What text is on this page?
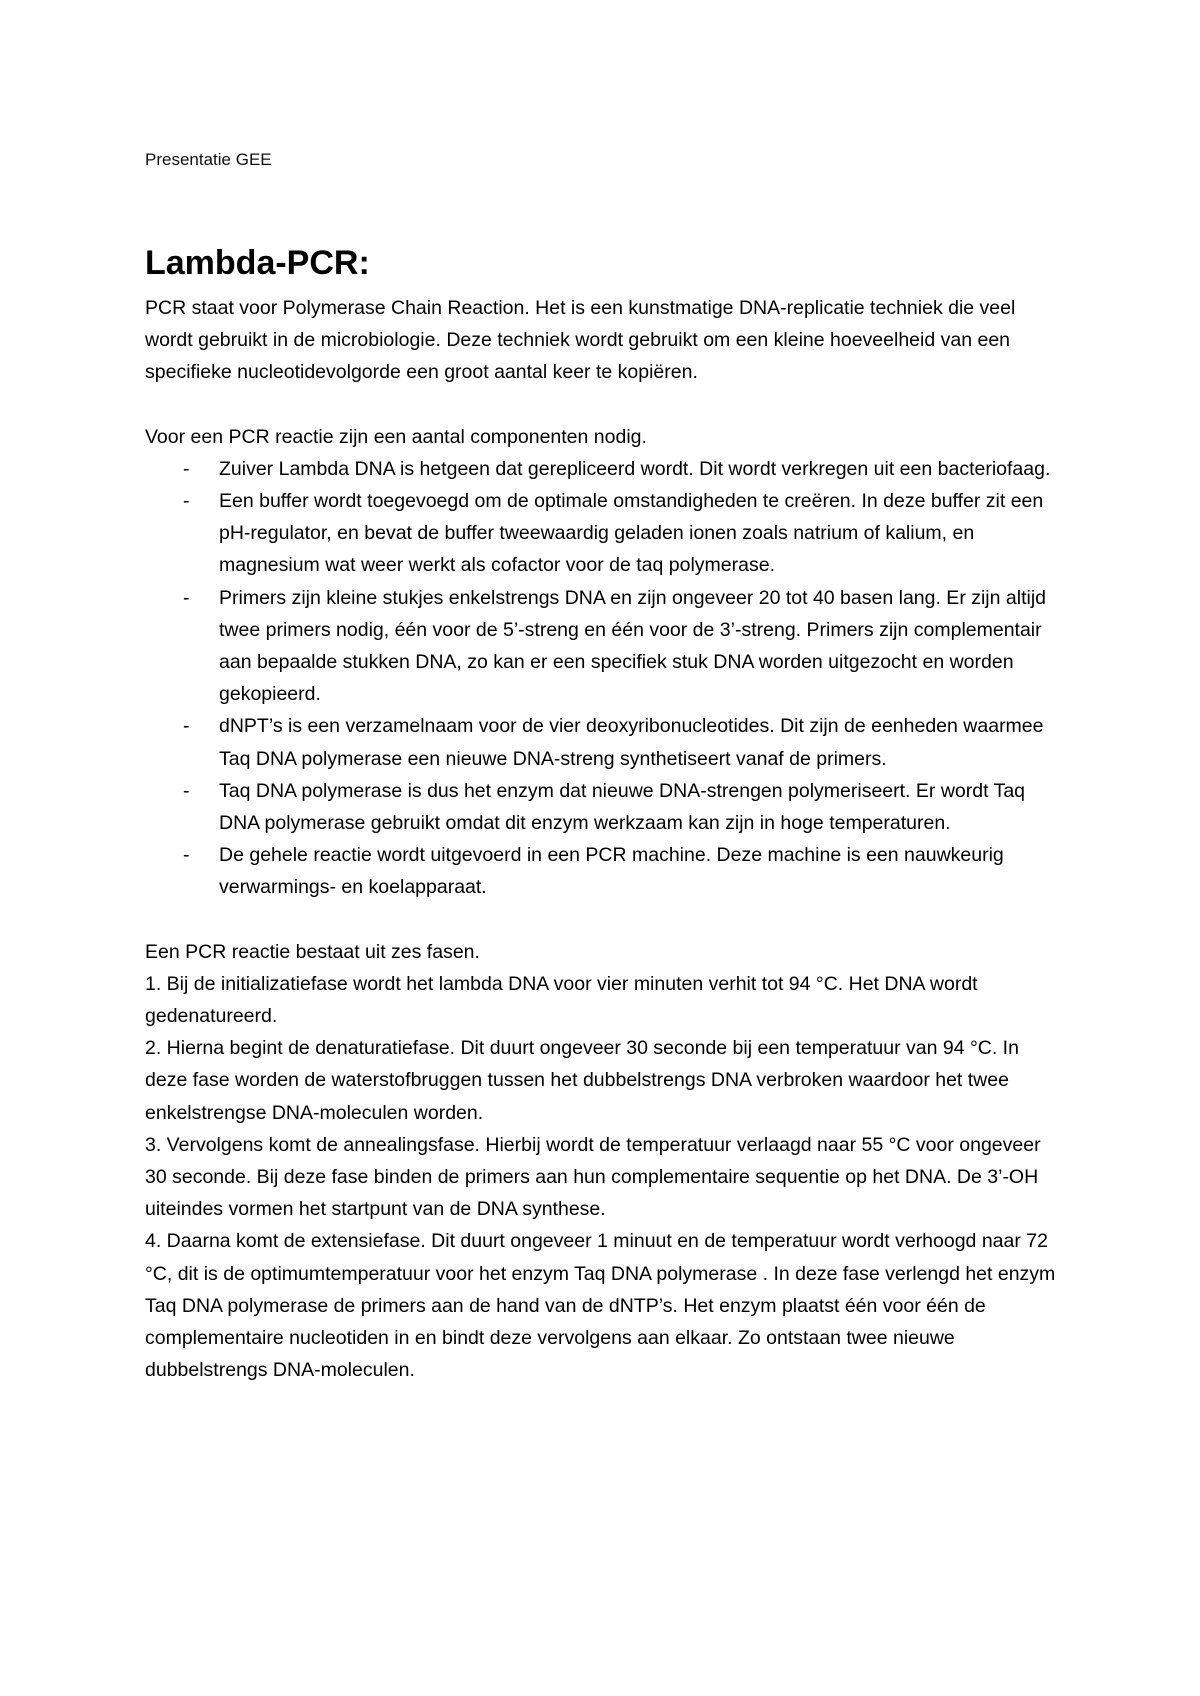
Presentatie GEE
Lambda-PCR:

PCR staat voor Polymerase Chain Reaction. Het is een kunstmatige DNA-replicatie techniek die veel wordt gebruikt in de microbiologie. Deze techniek wordt gebruikt om een kleine hoeveelheid van een specifieke nucleotidevolgorde een groot aantal keer te kopiëren.

Voor een PCR reactie zijn een aantal componenten nodig.

- Zuiver Lambda DNA is hetgeen dat gerepliceerd wordt. Dit wordt verkregen uit een bacteriofaag.
- Een buffer wordt toegevoegd om de optimale omstandigheden te creëren. In deze buffer zit een pH-regulator, en bevat de buffer tweewaardig geladen ionen zoals natrium of kalium, en magnesium wat weer werkt als cofactor voor de taq polymerase.
- Primers zijn kleine stukjes enkelstrengs DNA en zijn ongeveer 20 tot 40 basen lang. Er zijn altijd twee primers nodig, één voor de 5’-streng en één voor de 3’-streng. Primers zijn complementair aan bepaalde stukken DNA, zo kan er een specifiek stuk DNA worden uitgezocht en worden gekopieerd.
- dNPT’s is een verzamelnaam voor de vier deoxyribonucleotides. Dit zijn de eenheden waarmee Taq DNA polymerase een nieuwe DNA-streng synthetiseert vanaf de primers.
- Taq DNA polymerase is dus het enzym dat nieuwe DNA-strengen polymeriseert. Er wordt Taq DNA polymerase gebruikt omdat dit enzym werkzaam kan zijn in hoge temperaturen.
- De gehele reactie wordt uitgevoerd in een PCR machine. Deze machine is een nauwkeurig verwarmings- en koelapparaat.

Een PCR reactie bestaat uit zes fasen.

1. Bij de initializatiefase wordt het lambda DNA voor vier minuten verhit tot 94 °C. Het DNA wordt gedenatureerd.

2. Hierna begint de denaturatiefase. Dit duurt ongeveer 30 seconde bij een temperatuur van 94 °C. In deze fase worden de waterstofbruggen tussen het dubbelstrengs DNA verbroken waardoor het twee enkelstrengse DNA-moleculen worden.

3. Vervolgens komt de annealingsfase. Hierbij wordt de temperatuur verlaagd naar 55 °C voor ongeveer 30 seconde. Bij deze fase binden de primers aan hun complementaire sequentie op het DNA. De 3’-OH uiteindes vormen het startpunt van de DNA synthese.

4. Daarna komt de extensiefase. Dit duurt ongeveer 1 minuut en de temperatuur wordt verhoogd naar 72 °C, dit is de optimumtemperatuur voor het enzym Taq DNA polymerase . In deze fase verlengd het enzym Taq DNA polymerase de primers aan de hand van de dNTP’s. Het enzym plaatst één voor één de complementaire nucleotiden in en bindt deze vervolgens aan elkaar. Zo ontstaan twee nieuwe dubbelstrengs DNA-moleculen.
